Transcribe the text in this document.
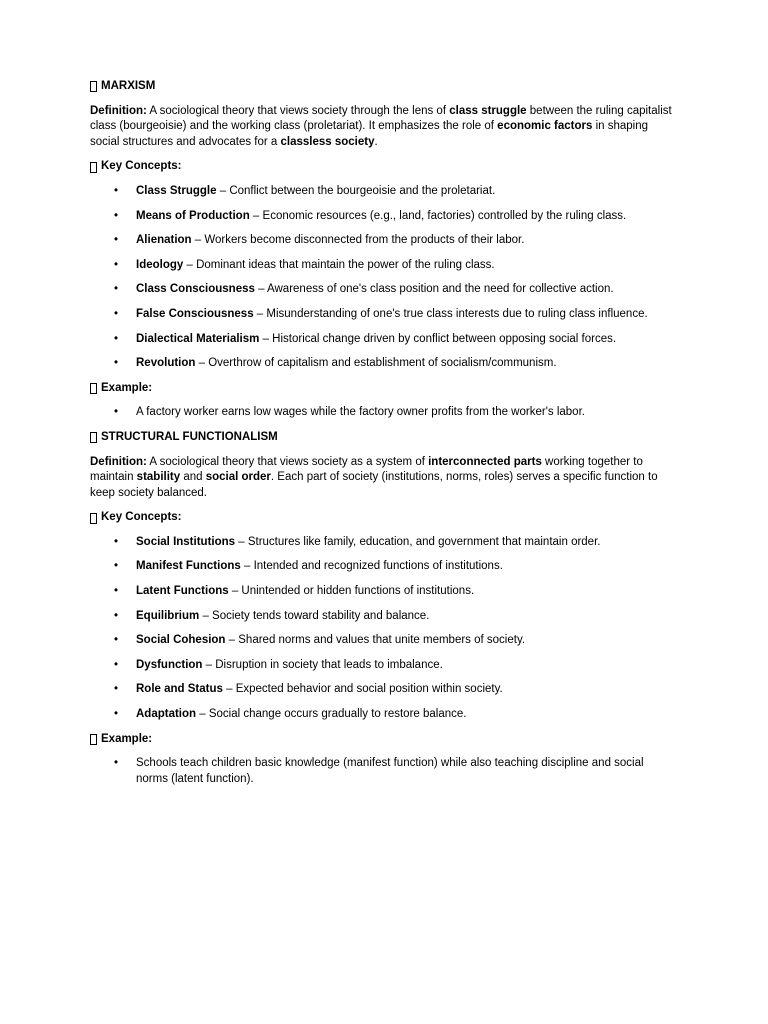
MARXISM

Definition: A sociological theory that views society through the lens of class struggle between the ruling capitalist class (bourgeoisie) and the working class (proletariat). It emphasizes the role of economic factors in shaping social structures and advocates for a classless society.

Key Concepts:
• Class Struggle – Conflict between the bourgeoisie and the proletariat.
• Means of Production – Economic resources (e.g., land, factories) controlled by the ruling class.
• Alienation – Workers become disconnected from the products of their labor.
• Ideology – Dominant ideas that maintain the power of the ruling class.
• Class Consciousness – Awareness of one's class position and the need for collective action.
• False Consciousness – Misunderstanding of one's true class interests due to ruling class influence.
• Dialectical Materialism – Historical change driven by conflict between opposing social forces.
• Revolution – Overthrow of capitalism and establishment of socialism/communism.
Example:
• A factory worker earns low wages while the factory owner profits from the worker's labor.
STRUCTURAL FUNCTIONALISM

Definition: A sociological theory that views society as a system of interconnected parts working together to maintain stability and social order. Each part of society (institutions, norms, roles) serves a specific function to keep society balanced.

Key Concepts:
• Social Institutions – Structures like family, education, and government that maintain order.
• Manifest Functions – Intended and recognized functions of institutions.
• Latent Functions – Unintended or hidden functions of institutions.
• Equilibrium – Society tends toward stability and balance.
• Social Cohesion – Shared norms and values that unite members of society.
• Dysfunction – Disruption in society that leads to imbalance.
• Role and Status – Expected behavior and social position within society.
• Adaptation – Social change occurs gradually to restore balance.
Example:
• Schools teach children basic knowledge (manifest function) while also teaching discipline and social norms (latent function).
